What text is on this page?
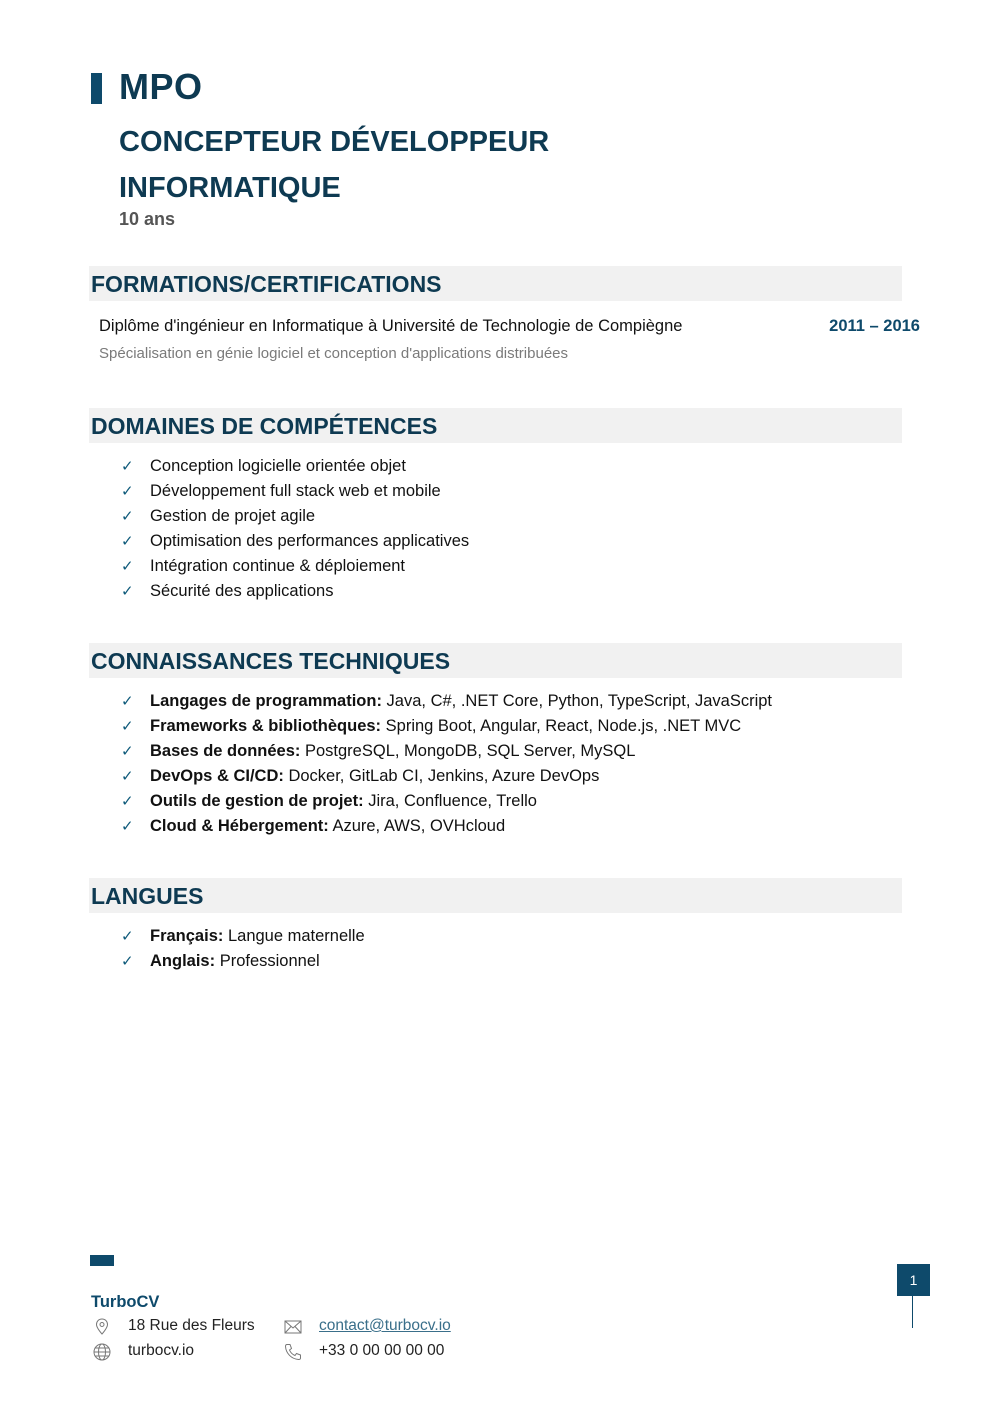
MPO
CONCEPTEUR DÉVELOPPEUR INFORMATIQUE
10 ans
FORMATIONS/CERTIFICATIONS
Diplôme d'ingénieur en Informatique à Université de Technologie de Compiègne	2011 – 2016
Spécialisation en génie logiciel et conception d'applications distribuées
DOMAINES DE COMPÉTENCES
✓ Conception logicielle orientée objet
✓ Développement full stack web et mobile
✓ Gestion de projet agile
✓ Optimisation des performances applicatives
✓ Intégration continue & déploiement
✓ Sécurité des applications
CONNAISSANCES TECHNIQUES
✓ Langages de programmation: Java, C#, .NET Core, Python, TypeScript, JavaScript
✓ Frameworks & bibliothèques: Spring Boot, Angular, React, Node.js, .NET MVC
✓ Bases de données: PostgreSQL, MongoDB, SQL Server, MySQL
✓ DevOps & CI/CD: Docker, GitLab CI, Jenkins, Azure DevOps
✓ Outils de gestion de projet: Jira, Confluence, Trello
✓ Cloud & Hébergement: Azure, AWS, OVHcloud
LANGUES
✓ Français: Langue maternelle
✓ Anglais: Professionnel
TurboCV
18 Rue des Fleurs
turbocv.io
contact@turbocv.io
+33 0 00 00 00 00
1
